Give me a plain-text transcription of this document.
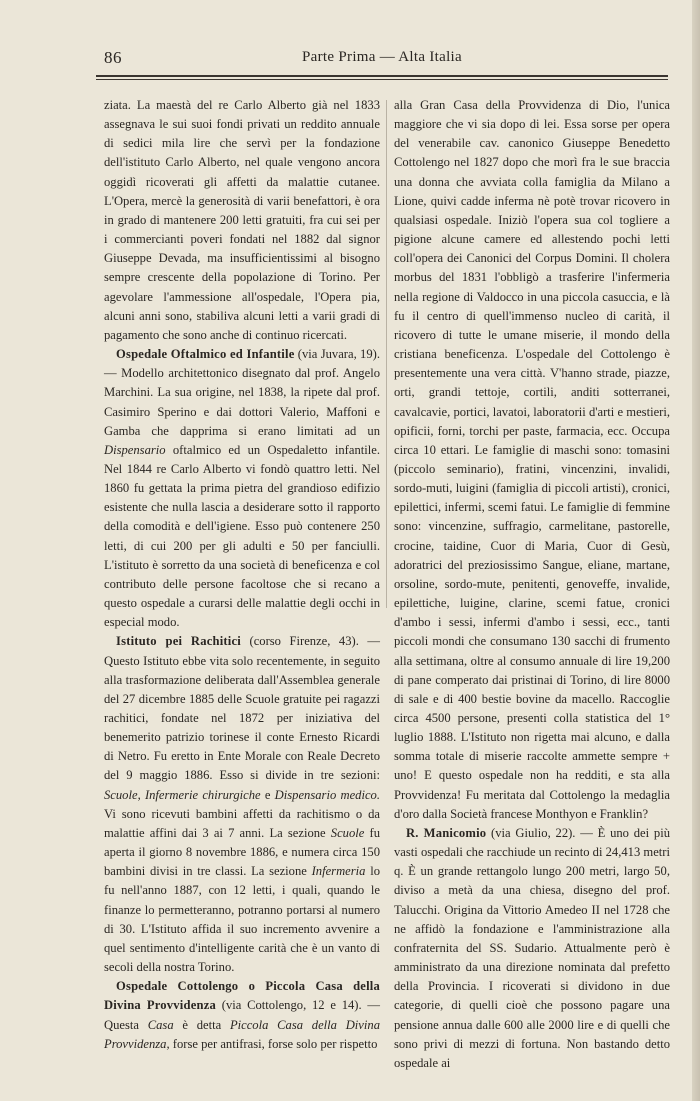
86	Parte Prima — Alta Italia

ziata. La maestà del re Carlo Alberto già nel 1833 assegnava le sui suoi fondi privati un reddito annuale di sedici mila lire che servì per la fondazione dell'istituto Carlo Alberto, nel quale vengono ancora oggidì ricoverati gli affetti da malattie cutanee. L'Opera, mercè la generosità di varii benefattori, è ora in grado di mantenere 200 letti gratuiti, fra cui sei per i commercianti poveri fondati nel 1882 dal signor Giuseppe Devada, ma insufficientissimi al bisogno sempre crescente della popolazione di Torino. Per agevolare l'ammessione all'ospedale, l'Opera pia, alcuni anni sono, stabiliva alcuni letti a varii gradi di pagamento che sono anche di continuo ricercati.

Ospedale Oftalmico ed Infantile (via Juvara, 19). — Modello architettonico disegnato dal prof. Angelo Marchini. La sua origine, nel 1838, la ripete dal prof. Casimiro Sperino e dai dottori Valerio, Maffoni e Gamba che dapprima si erano limitati ad un Dispensario oftalmico ed un Ospedaletto infantile. Nel 1844 re Carlo Alberto vi fondò quattro letti. Nel 1860 fu gettata la prima pietra del grandioso edifizio esistente che nulla lascia a desiderare sotto il rapporto della comodità e dell'igiene. Esso può contenere 250 letti, di cui 200 per gli adulti e 50 per fanciulli. L'istituto è sorretto da una società di beneficenza e col contributo delle persone facoltose che si recano a questo ospedale a curarsi delle malattie degli occhi in especial modo.

Istituto pei Rachitici (corso Firenze, 43). — Questo Istituto ebbe vita solo recentemente, in seguito alla trasformazione deliberata dall'Assemblea generale del 27 dicembre 1885 delle Scuole gratuite pei ragazzi rachitici, fondate nel 1872 per iniziativa del benemerito patrizio torinese il conte Ernesto Ricardi di Netro. Fu eretto in Ente Morale con Reale Decreto del 9 maggio 1886. Esso si divide in tre sezioni: Scuole, Infermerie chirurgiche e Dispensario medico. Vi sono ricevuti bambini affetti da rachitismo o da malattie affini dai 3 ai 7 anni. La sezione Scuole fu aperta il giorno 8 novembre 1886, e numera circa 150 bambini divisi in tre classi. La sezione Infermeria lo fu nell'anno 1887, con 12 letti, i quali, quando le finanze lo permetteranno, potranno portarsi al numero di 30. L'Istituto affida il suo incremento avvenire a quel sentimento d'intelligente carità che è un vanto di secoli della nostra Torino.

Ospedale Cottolengo o Piccola Casa della Divina Provvidenza (via Cottolengo, 12 e 14). — Questa Casa è detta Piccola Casa della Divina Provvidenza, forse per antifrasi, forse solo per rispetto

alla Gran Casa della Provvidenza di Dio, l'unica maggiore che vi sia dopo di lei. Essa sorse per opera del venerabile cav. canonico Giuseppe Benedetto Cottolengo nel 1827 dopo che morì fra le sue braccia una donna che avviata colla famiglia da Milano a Lione, quivi cadde inferma nè potè trovar ricovero in qualsiasi ospedale. Iniziò l'opera sua col togliere a pigione alcune camere ed allestendo pochi letti coll'opera dei Canonici del Corpus Domini. Il cholera morbus del 1831 l'obbligò a trasferire l'infermeria nella regione di Valdocco in una piccola casuccia, e là fu il centro di quell'immenso nucleo di carità, il ricovero di tutte le umane miserie, il mondo della cristiana beneficenza. L'ospedale del Cottolengo è presentemente una vera città. V'hanno strade, piazze, orti, grandi tettoje, cortili, anditi sotterranei, cavalcavie, portici, lavatoi, laboratorii d'arti e mestieri, opificii, forni, torchi per paste, farmacia, ecc. Occupa circa 10 ettari. Le famiglie di maschi sono: tomasini (piccolo seminario), fratini, vincenzini, invalidi, sordo-muti, luigini (famiglia di piccoli artisti), cronici, epilettici, infermi, scemi fatui. Le famiglie di femmine sono: vincenzine, suffragio, carmelitane, pastorelle, crocine, taidine, Cuor di Maria, Cuor di Gesù, adoratrici del preziosissimo Sangue, eliane, martane, orsoline, sordo-mute, penitenti, genoveffe, invalide, epilettiche, luigine, clarine, scemi fatue, cronici d'ambo i sessi, infermi d'ambo i sessi, ecc., tanti piccoli mondi che consumano 130 sacchi di frumento alla settimana, oltre al consumo annuale di lire 19,200 di pane comperato dai pristinai di Torino, di lire 8000 di sale e di 400 bestie bovine da macello. Raccoglie circa 4500 persone, presenti colla statistica del 1° luglio 1888. L'Istituto non rigetta mai alcuno, e dalla somma totale di miserie raccolte ammette sempre + uno! E questo ospedale non ha redditi, e sta alla Provvidenza! Fu meritata dal Cottolengo la medaglia d'oro dalla Società francese Monthyon e Franklin?

R. Manicomio (via Giulio, 22). — È uno dei più vasti ospedali che racchiude un recinto di 24,413 metri q. È un grande rettangolo lungo 200 metri, largo 50, diviso a metà da una chiesa, disegno del prof. Talucchi. Origina da Vittorio Amedeo II nel 1728 che ne affidò la fondazione e l'amministrazione alla confraternita del SS. Sudario. Attualmente però è amministrato da una direzione nominata dal prefetto della Provincia. I ricoverati si dividono in due categorie, di quelli cioè che possono pagare una pensione annua dalle 600 alle 2000 lire e di quelli che sono privi di mezzi di fortuna. Non bastando detto ospedale ai
